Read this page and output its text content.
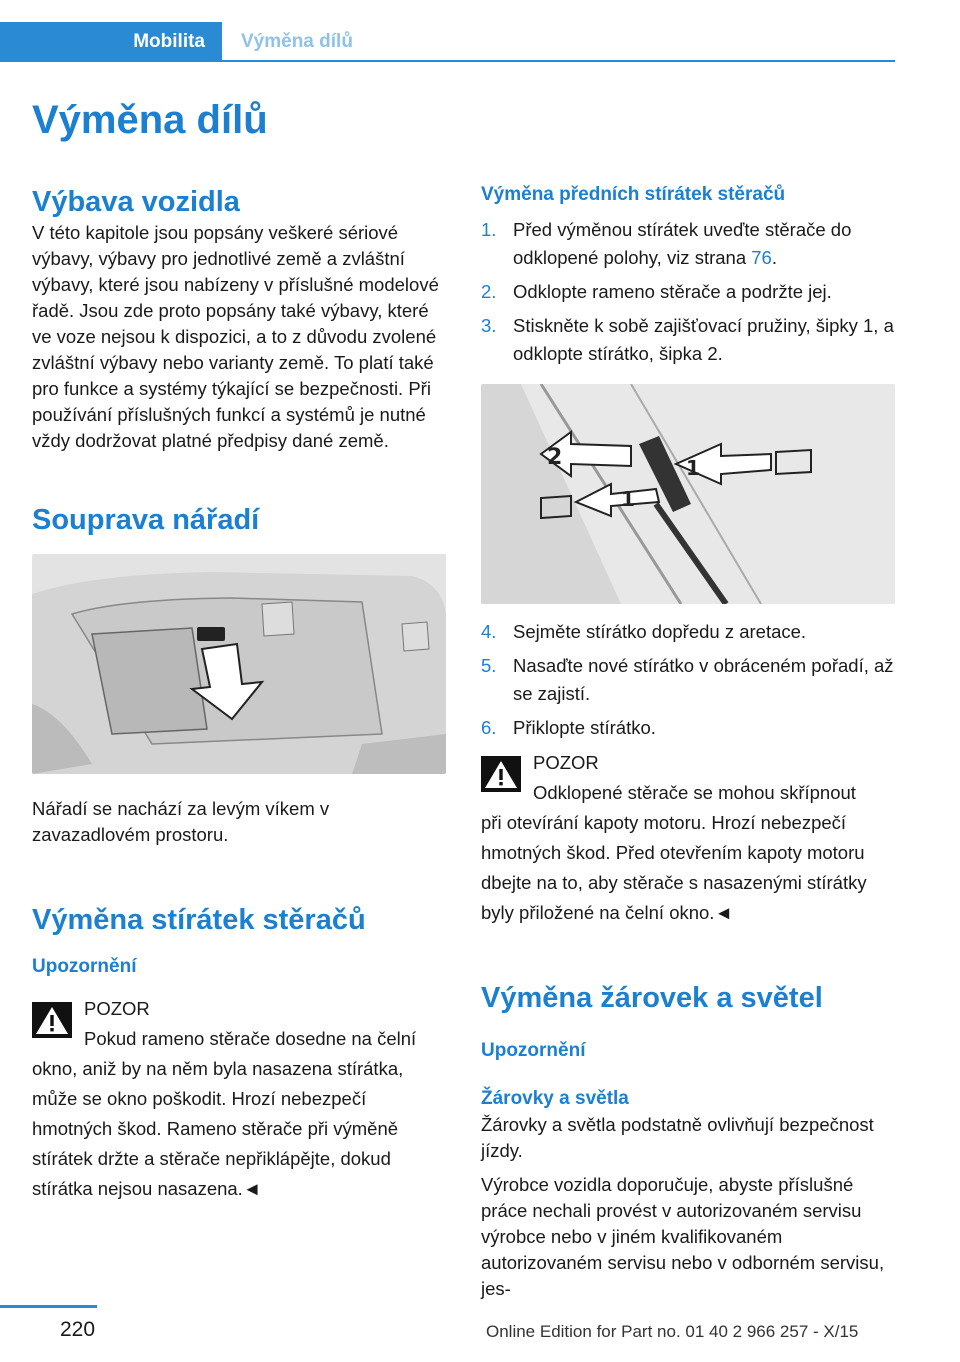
Mobilita	Výměna dílů
Výměna dílů
Výbava vozidla

V této kapitole jsou popsány veškeré sériové výbavy, výbavy pro jednotlivé země a zvláštní výbavy, které jsou nabízeny v příslušné modelové řadě. Jsou zde proto popsány také výbavy, které ve voze nejsou k dispozici, a to z důvodu zvolené zvláštní výbavy nebo varianty země. To platí také pro funkce a systémy týkající se bezpečnosti. Při používání příslušných funkcí a systémů je nutné vždy dodržovat platné předpisy dané země.

Souprava nářadí

Nářadí se nachází za levým víkem v zavazadlovém prostoru.

Výměna stírátek stěračů
Upozornění
POZOR
Pokud rameno stěrače dosedne na čelní
okno, aniž by na něm byla nasazena stírátka, může se okno poškodit. Hrozí nebezpečí hmotných škod. Rameno stěrače při výměně stírátek držte a stěrače nepřiklápějte, dokud stírátka nejsou nasazena.◄
Výměna předních stírátek stěračů
1. Před výměnou stírátek uveďte stěrače do odklopené polohy, viz strana 76.
2. Odklopte rameno stěrače a podržte jej.
3. Stiskněte k sobě zajišťovací pružiny, šipky 1, a odklopte stírátko, šipka 2.
2	1
1
4. Sejměte stírátko dopředu z aretace.
5. Nasaďte nové stírátko v obráceném pořadí, až se zajistí.
6. Přiklopte stírátko.
POZOR
Odklopené stěrače se mohou skřípnout
při otevírání kapoty motoru. Hrozí nebezpečí hmotných škod. Před otevřením kapoty motoru dbejte na to, aby stěrače s nasazenými stírátky byly přiložené na čelní okno.◄
Výměna žárovek a světel
Upozornění
Žárovky a světla

Žárovky a světla podstatně ovlivňují bezpečnost jízdy.

Výrobce vozidla doporučuje, abyste příslušné práce nechali provést v autorizovaném servisu výrobce nebo v jiném kvalifikovaném autorizovaném servisu nebo v odborném servisu, jes-

220	Online Edition for Part no. 01 40 2 966 257 - X/15
